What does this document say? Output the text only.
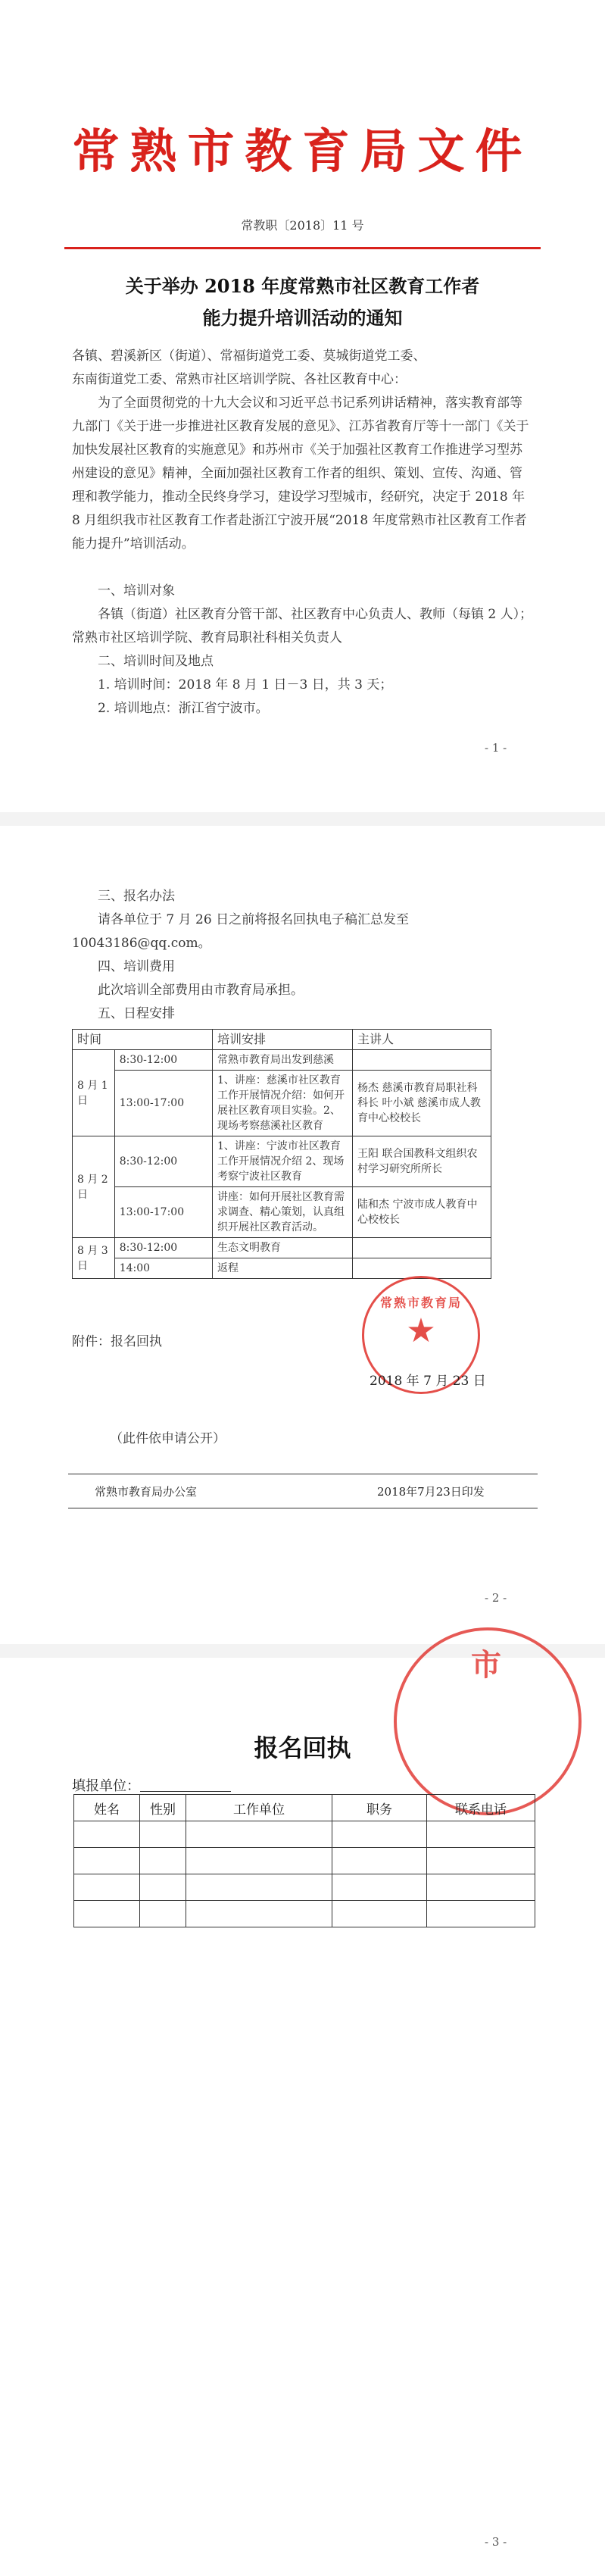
常熟市教育局文件
常教职〔2018〕11 号
关于举办 2018 年度常熟市社区教育工作者
能力提升培训活动的通知
各镇、碧溪新区（街道）、常福街道党工委、莫城街道党工委、
东南街道党工委、常熟市社区培训学院、各社区教育中心：
为了全面贯彻党的十九大会议和习近平总书记系列讲话精神，落实教育部等九部门《关于进一步推进社区教育发展的意见》、江苏省教育厅等十一部门《关于加快发展社区教育的实施意见》和苏州市《关于加强社区教育工作推进学习型苏州建设的意见》精神，全面加强社区教育工作者的组织、策划、宣传、沟通、管理和教学能力，推动全民终身学习，建设学习型城市，经研究，决定于 2018 年 8 月组织我市社区教育工作者赴浙江宁波开展“2018 年度常熟市社区教育工作者能力提升”培训活动。
一、培训对象
各镇（街道）社区教育分管干部、社区教育中心负责人、教师（每镇 2 人）；常熟市社区培训学院、教育局职社科相关负责人
二、培训时间及地点
1. 培训时间：2018 年 8 月 1 日－3 日，共 3 天；
2. 培训地点：浙江省宁波市。
- 1 -
三、报名办法
请各单位于 7 月 26 日之前将报名回执电子稿汇总发至
10043186@qq.com。
四、培训费用
此次培训全部费用由市教育局承担。
五、日程安排
时间		培训安排	主讲人
8 月 1 日	8:30-12:00	常熟市教育局出发到慈溪	
	13:00-17:00	1、讲座：慈溪市社区教育工作开展情况介绍：如何开展社区教育项目实验。2、现场考察慈溪社区教育	杨杰 慈溪市教育局职社科科长 叶小斌 慈溪市成人教育中心校校长
8 月 2 日	8:30-12:00	1、讲座：宁波市社区教育工作开展情况介绍 2、现场考察宁波社区教育	王阳 联合国教科文组织农村学习研究所所长
	13:00-17:00	讲座：如何开展社区教育需求调查、精心策划，认真组织开展社区教育活动。	陆和杰 宁波市成人教育中心校校长
8 月 3 日	8:30-12:00	生态文明教育	
	14:00	返程	
附件：报名回执
常熟市教育局
★
2018 年 7 月 23 日
（此件依申请公开）
常熟市教育局办公室	2018年7月23日印发
- 2 -
市
报名回执
填报单位：
姓名	性别	工作单位	职务	联系电话

- 3 -
